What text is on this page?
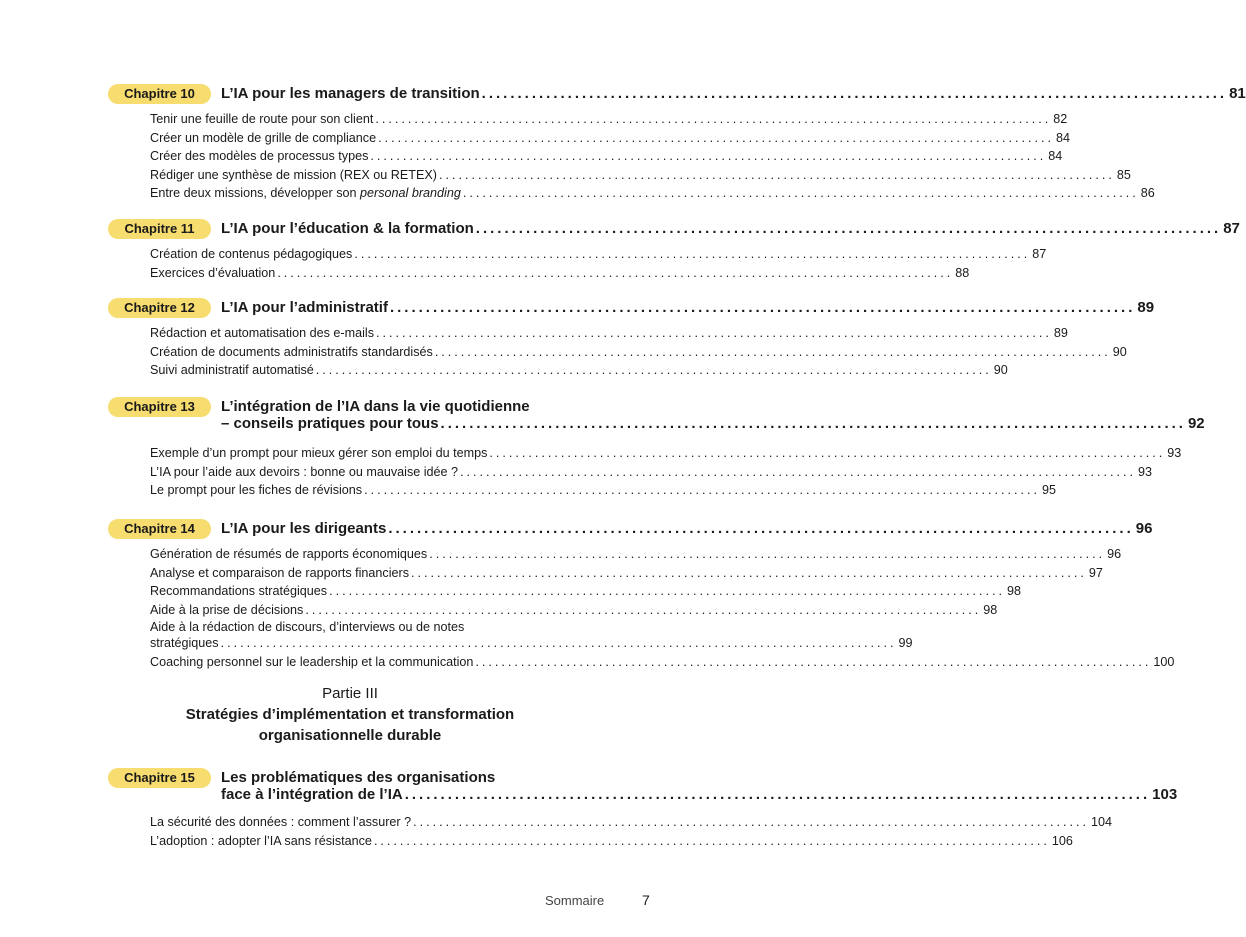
Chapitre 10	L’IA pour les managers de transition ........................................................................................................ 81
Tenir une feuille de route pour son client ........................................................................................................ 82
Créer un modèle de grille de compliance ........................................................................................................ 84
Créer des modèles de processus types ........................................................................................................ 84
Rédiger une synthèse de mission (REX ou RETEX) ........................................................................................................ 85
Entre deux missions, développer son personal branding ........................................................................................................ 86
Chapitre 11	L’IA pour l’éducation & la formation ........................................................................................................ 87
Création de contenus pédagogiques ........................................................................................................ 87
Exercices d’évaluation ........................................................................................................ 88
Chapitre 12	L’IA pour l’administratif ........................................................................................................ 89
Rédaction et automatisation des e-mails ........................................................................................................ 89
Création de documents administratifs standardisés ........................................................................................................ 90
Suivi administratif automatisé ........................................................................................................ 90
Chapitre 13	L’intégration de l’IA dans la vie quotidienne
– conseils pratiques pour tous ........................................................................................................ 92
Exemple d’un prompt pour mieux gérer son emploi du temps ........................................................................................................ 93
L’IA pour l’aide aux devoirs : bonne ou mauvaise idée ? ........................................................................................................ 93
Le prompt pour les fiches de révisions ........................................................................................................ 95
Chapitre 14	L’IA pour les dirigeants ........................................................................................................ 96
Génération de résumés de rapports économiques ........................................................................................................ 96
Analyse et comparaison de rapports financiers ........................................................................................................ 97
Recommandations stratégiques ........................................................................................................ 98
Aide à la prise de décisions ........................................................................................................ 98
Aide à la rédaction de discours, d’interviews ou de notes
stratégiques ........................................................................................................ 99
Coaching personnel sur le leadership et la communication ........................................................................................................ 100
Partie III
Stratégies d’implémentation et transformation
organisationnelle durable
Chapitre 15	Les problématiques des organisations
face à l’intégration de l’IA ........................................................................................................ 103
La sécurité des données : comment l’assurer ? ........................................................................................................ 104
L’adoption : adopter l’IA sans résistance ........................................................................................................ 106
Sommaire	7
